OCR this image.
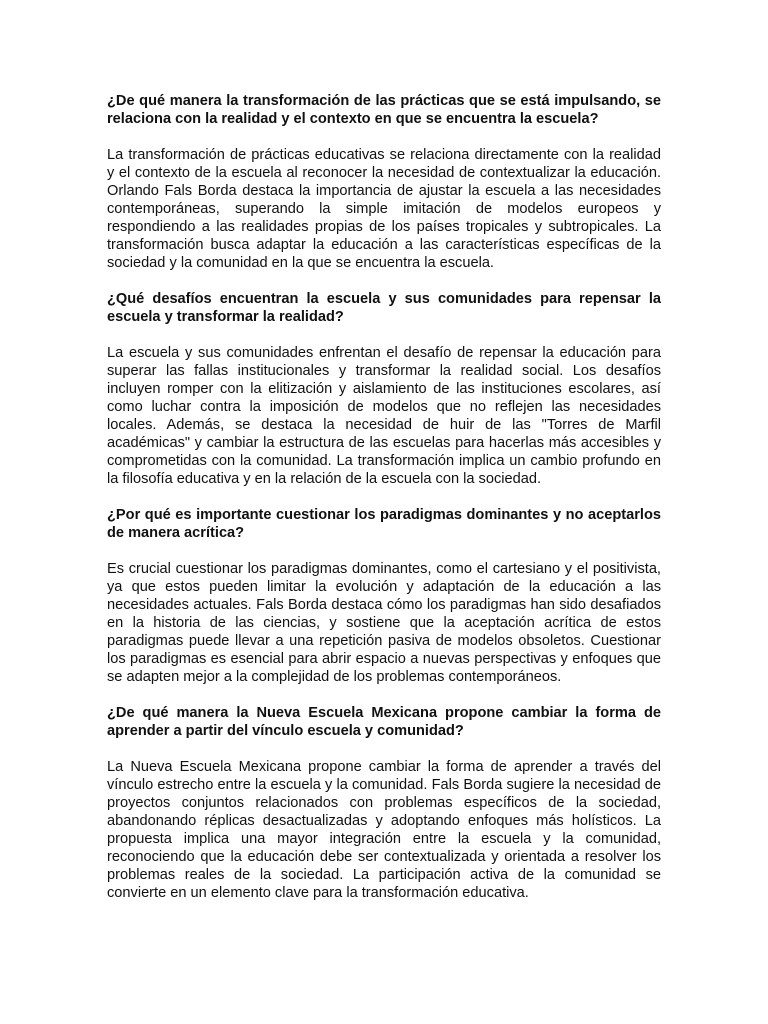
¿De qué manera la transformación de las prácticas que se está impulsando, se relaciona con la realidad y el contexto en que se encuentra la escuela?

La transformación de prácticas educativas se relaciona directamente con la realidad y el contexto de la escuela al reconocer la necesidad de contextualizar la educación. Orlando Fals Borda destaca la importancia de ajustar la escuela a las necesidades contemporáneas, superando la simple imitación de modelos europeos y respondiendo a las realidades propias de los países tropicales y subtropicales. La transformación busca adaptar la educación a las características específicas de la sociedad y la comunidad en la que se encuentra la escuela.

¿Qué desafíos encuentran la escuela y sus comunidades para repensar la escuela y transformar la realidad?

La escuela y sus comunidades enfrentan el desafío de repensar la educación para superar las fallas institucionales y transformar la realidad social. Los desafíos incluyen romper con la elitización y aislamiento de las instituciones escolares, así como luchar contra la imposición de modelos que no reflejen las necesidades locales. Además, se destaca la necesidad de huir de las "Torres de Marfil académicas" y cambiar la estructura de las escuelas para hacerlas más accesibles y comprometidas con la comunidad. La transformación implica un cambio profundo en la filosofía educativa y en la relación de la escuela con la sociedad.

¿Por qué es importante cuestionar los paradigmas dominantes y no aceptarlos de manera acrítica?

Es crucial cuestionar los paradigmas dominantes, como el cartesiano y el positivista, ya que estos pueden limitar la evolución y adaptación de la educación a las necesidades actuales. Fals Borda destaca cómo los paradigmas han sido desafiados en la historia de las ciencias, y sostiene que la aceptación acrítica de estos paradigmas puede llevar a una repetición pasiva de modelos obsoletos. Cuestionar los paradigmas es esencial para abrir espacio a nuevas perspectivas y enfoques que se adapten mejor a la complejidad de los problemas contemporáneos.

¿De qué manera la Nueva Escuela Mexicana propone cambiar la forma de aprender a partir del vínculo escuela y comunidad?

La Nueva Escuela Mexicana propone cambiar la forma de aprender a través del vínculo estrecho entre la escuela y la comunidad. Fals Borda sugiere la necesidad de proyectos conjuntos relacionados con problemas específicos de la sociedad, abandonando réplicas desactualizadas y adoptando enfoques más holísticos. La propuesta implica una mayor integración entre la escuela y la comunidad, reconociendo que la educación debe ser contextualizada y orientada a resolver los problemas reales de la sociedad. La participación activa de la comunidad se convierte en un elemento clave para la transformación educativa.
